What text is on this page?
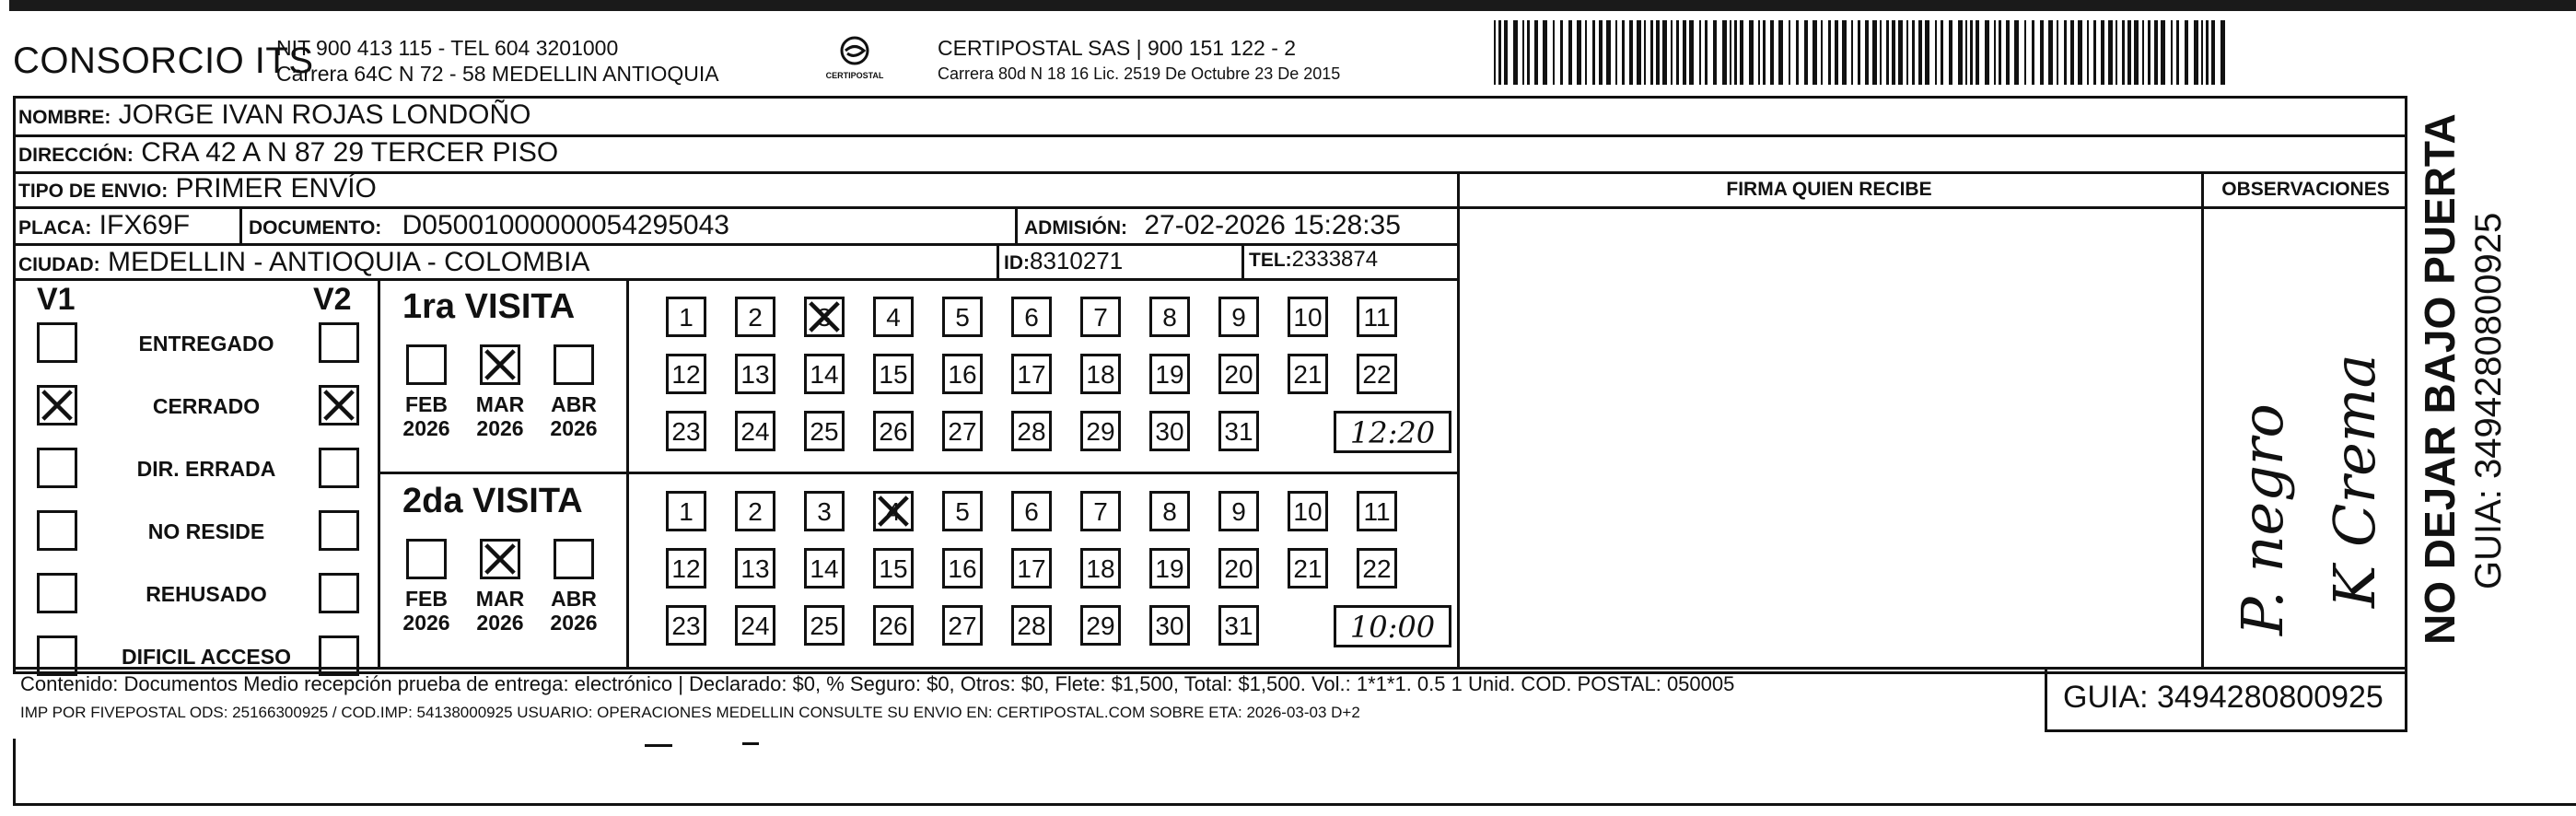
CONSORCIO ITS
NIT 900 413 115 - TEL 604 3201000
Carrera 64C N 72 - 58 MEDELLIN ANTIOQUIA	CERTIPOSTAL
CERTIPOSTAL SAS | 900 151 122 - 2
Carrera 80d N 18 16 Lic. 2519 De Octubre 23 De 2015
NOMBRE: JORGE IVAN ROJAS LONDOÑO
DIRECCIÓN: CRA 42 A N 87 29 TERCER PISO
TIPO DE ENVIO: PRIMER ENVÍO	FIRMA QUIEN RECIBE	OBSERVACIONES
PLACA: IFX69F	DOCUMENTO: D05001000000054295043	ADMISIÓN: 27-02-2026 15:28:35
CIUDAD: MEDELLIN - ANTIOQUIA - COLOMBIA	ID:8310271	TEL:2333874
V1	V2
ENTREGADO
CERRADO
DIR. ERRADA
NO RESIDE
REHUSADO
DIFICIL ACCESO
1ra VISITA
FEB
2026
MAR
2026
ABR
2026
1	2	3	4	5	6	7	8	9	10 11
12 13 14 15 16 17 18 19 20 21 22
23 24 25 26 27 28 29 30 31	12:20
2da VISITA
FEB
2026
MAR
2026
ABR
2026
1	2	3	4	5	6	7	8	9	10 11
12 13 14 15 16 17 18 19 20 21 22
23 24 25 26 27 28 29 30 31	10:00	P. negro K Crema
Contenido: Documentos Medio recepción prueba de entrega: electrónico | Declarado: $0, % Seguro: $0, Otros: $0, Flete: $1,500, Total: $1,500. Vol.: 1*1*1. 0.5 1 Unid. COD. POSTAL: 050005
IMP POR FIVEPOSTAL ODS: 25166300925 / COD.IMP: 54138000925 USUARIO: OPERACIONES MEDELLIN CONSULTE SU ENVIO EN: CERTIPOSTAL.COM SOBRE ETA: 2026-03-03 D+2	GUIA: 3494280800925
NO DEJAR BAJO PUERTA GUIA: 3494280800925
